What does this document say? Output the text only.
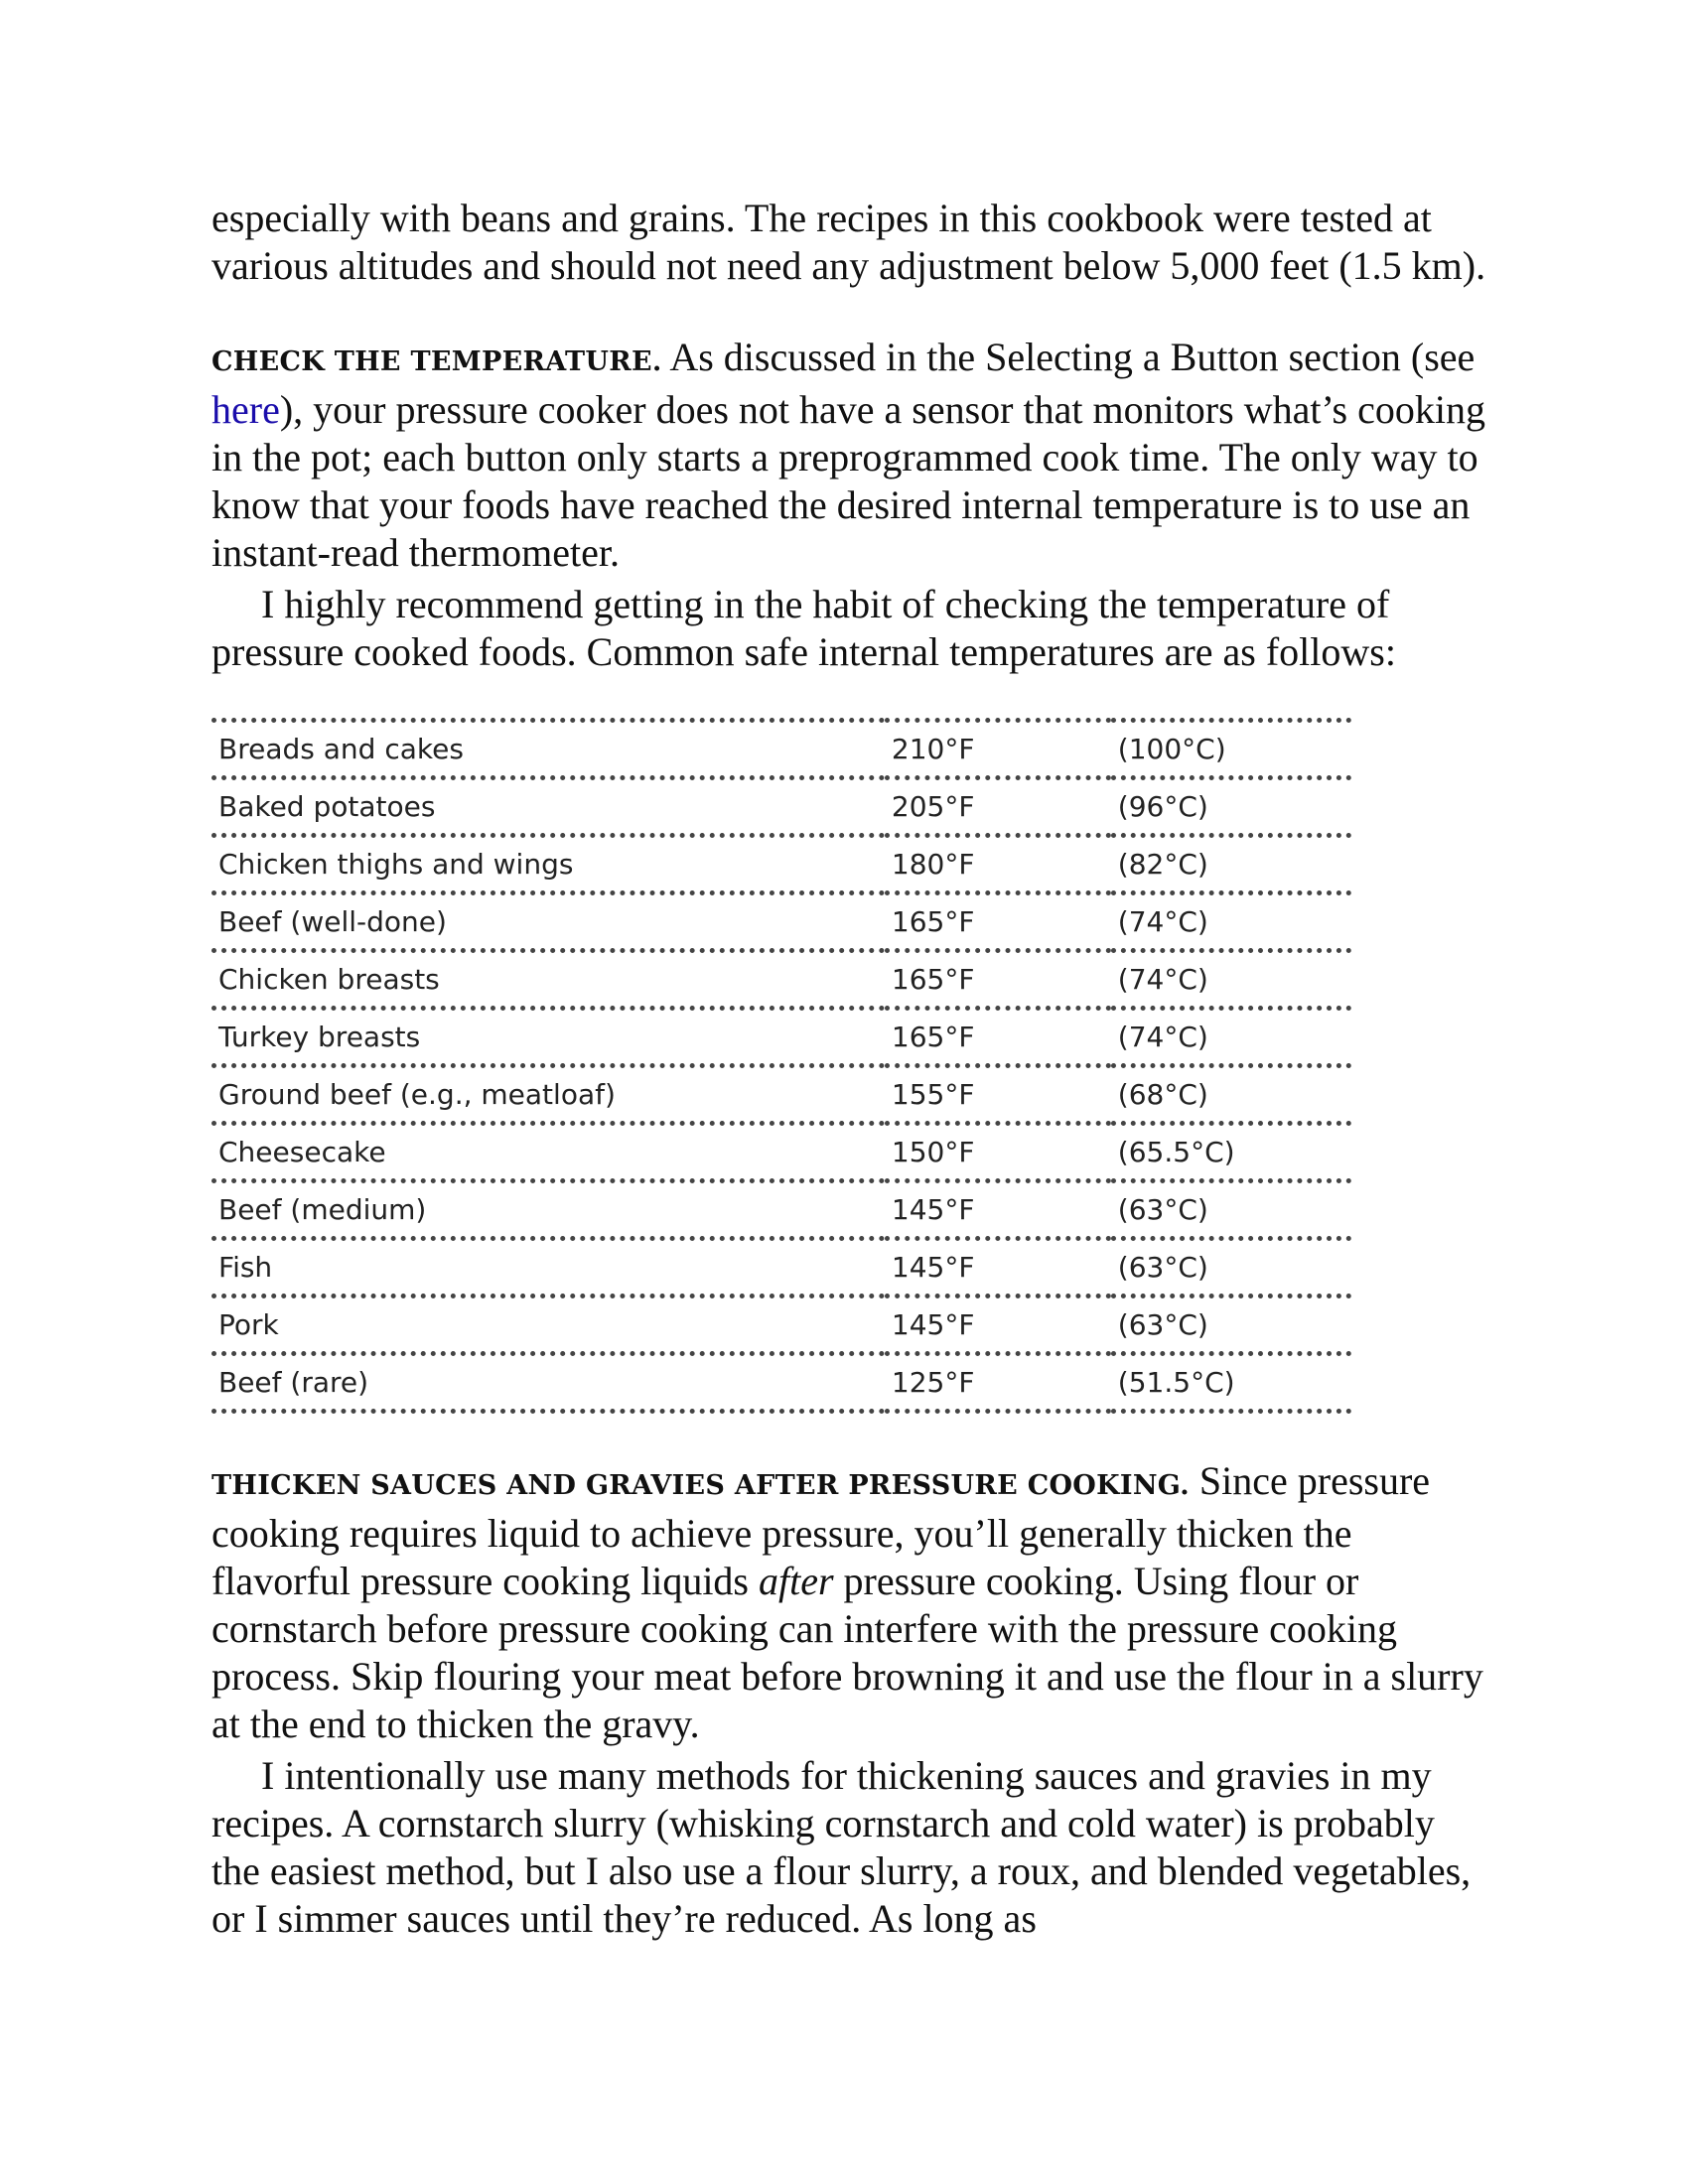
especially with beans and grains. The recipes in this cookbook were tested at various altitudes and should not need any adjustment below 5,000 feet (1.5 km).

CHECK THE TEMPERATURE. As discussed in the Selecting a Button section (see here), your pressure cooker does not have a sensor that monitors what’s cooking in the pot; each button only starts a preprogrammed cook time. The only way to know that your foods have reached the desired internal temperature is to use an instant-read thermometer.

I highly recommend getting in the habit of checking the temperature of pressure cooked foods. Common safe internal temperatures are as follows:

Breads and cakes	210°F	(100°C)
Baked potatoes	205°F	(96°C)
Chicken thighs and wings	180°F	(82°C)
Beef (well-done)	165°F	(74°C)
Chicken breasts	165°F	(74°C)
Turkey breasts	165°F	(74°C)
Ground beef (e.g., meatloaf)	155°F	(68°C)
Cheesecake	150°F	(65.5°C)
Beef (medium)	145°F	(63°C)
Fish	145°F	(63°C)
Pork	145°F	(63°C)
Beef (rare)	125°F	(51.5°C)

THICKEN SAUCES AND GRAVIES AFTER PRESSURE COOKING. Since pressure cooking requires liquid to achieve pressure, you’ll generally thicken the flavorful pressure cooking liquids after pressure cooking. Using flour or cornstarch before pressure cooking can interfere with the pressure cooking process. Skip flouring your meat before browning it and use the flour in a slurry at the end to thicken the gravy.

I intentionally use many methods for thickening sauces and gravies in my recipes. A cornstarch slurry (whisking cornstarch and cold water) is probably the easiest method, but I also use a flour slurry, a roux, and blended vegetables, or I simmer sauces until they’re reduced. As long as
